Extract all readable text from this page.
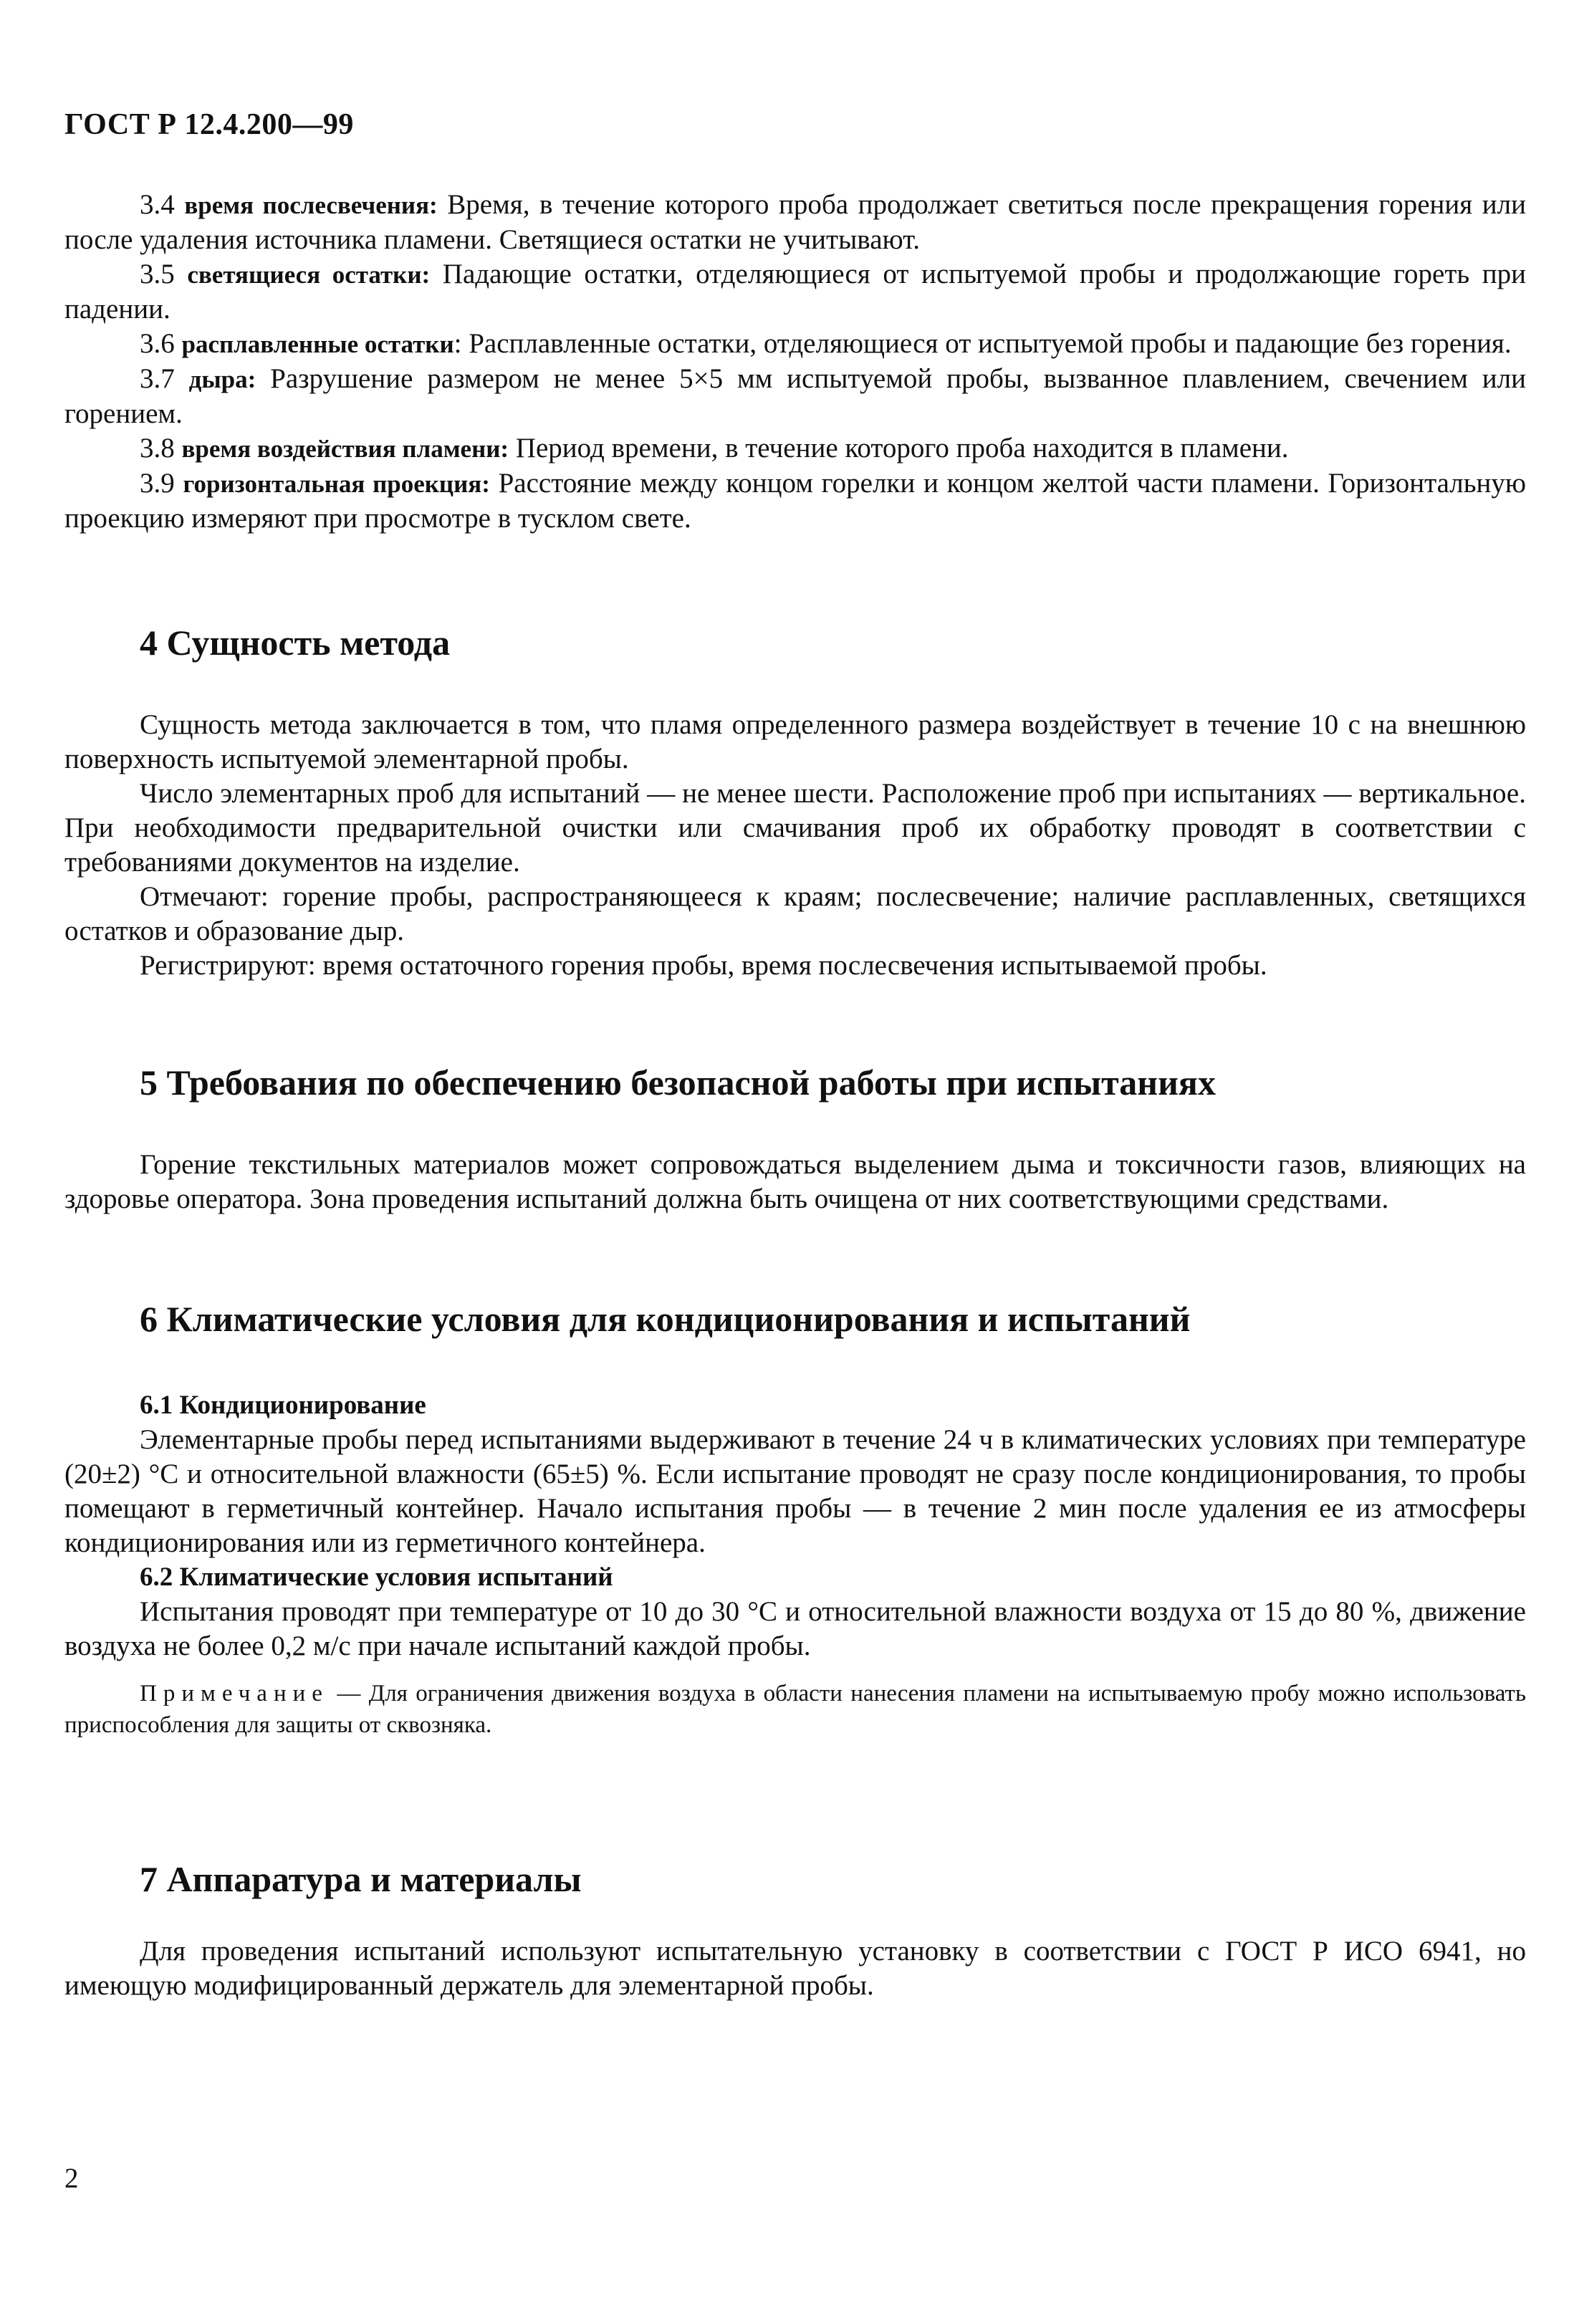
ГОСТ Р 12.4.200—99

3.4 время послесвечения: Время, в течение которого проба продолжает светиться после прекращения горения или после удаления источника пламени. Светящиеся остатки не учитывают.

3.5 светящиеся остатки: Падающие остатки, отделяющиеся от испытуемой пробы и продолжающие гореть при падении.

3.6 расплавленные остатки: Расплавленные остатки, отделяющиеся от испытуемой пробы и падающие без горения.

3.7 дыра: Разрушение размером не менее 5×5 мм испытуемой пробы, вызванное плавлением, свечением или горением.

3.8 время воздействия пламени: Период времени, в течение которого проба находится в пламени.

3.9 горизонтальная проекция: Расстояние между концом горелки и концом желтой части пламени. Горизонтальную проекцию измеряют при просмотре в тусклом свете.

4 Сущность метода

Сущность метода заключается в том, что пламя определенного размера воздействует в течение 10 с на внешнюю поверхность испытуемой элементарной пробы.

Число элементарных проб для испытаний — не менее шести. Расположение проб при испытаниях — вертикальное. При необходимости предварительной очистки или смачивания проб их обработку проводят в соответствии с требованиями документов на изделие.

Отмечают: горение пробы, распространяющееся к краям; послесвечение; наличие расплавленных, светящихся остатков и образование дыр.

Регистрируют: время остаточного горения пробы, время послесвечения испытываемой пробы.

5 Требования по обеспечению безопасной работы при испытаниях

Горение текстильных материалов может сопровождаться выделением дыма и токсичности газов, влияющих на здоровье оператора. Зона проведения испытаний должна быть очищена от них соответствующими средствами.

6 Климатические условия для кондиционирования и испытаний
6.1 Кондиционирование

Элементарные пробы перед испытаниями выдерживают в течение 24 ч в климатических условиях при температуре (20±2) °С и относительной влажности (65±5) %. Если испытание проводят не сразу после кондиционирования, то пробы помещают в герметичный контейнер. Начало испытания пробы — в течение 2 мин после удаления ее из атмосферы кондиционирования или из герметичного контейнера.

6.2 Климатические условия испытаний

Испытания проводят при температуре от 10 до 30 °С и относительной влажности воздуха от 15 до 80 %, движение воздуха не более 0,2 м/с при начале испытаний каждой пробы.

Примечание — Для ограничения движения воздуха в области нанесения пламени на испытываемую пробу можно использовать приспособления для защиты от сквозняка.

7 Аппаратура и материалы

Для проведения испытаний используют испытательную установку в соответствии с ГОСТ Р ИСО 6941, но имеющую модифицированный держатель для элементарной пробы.

2
